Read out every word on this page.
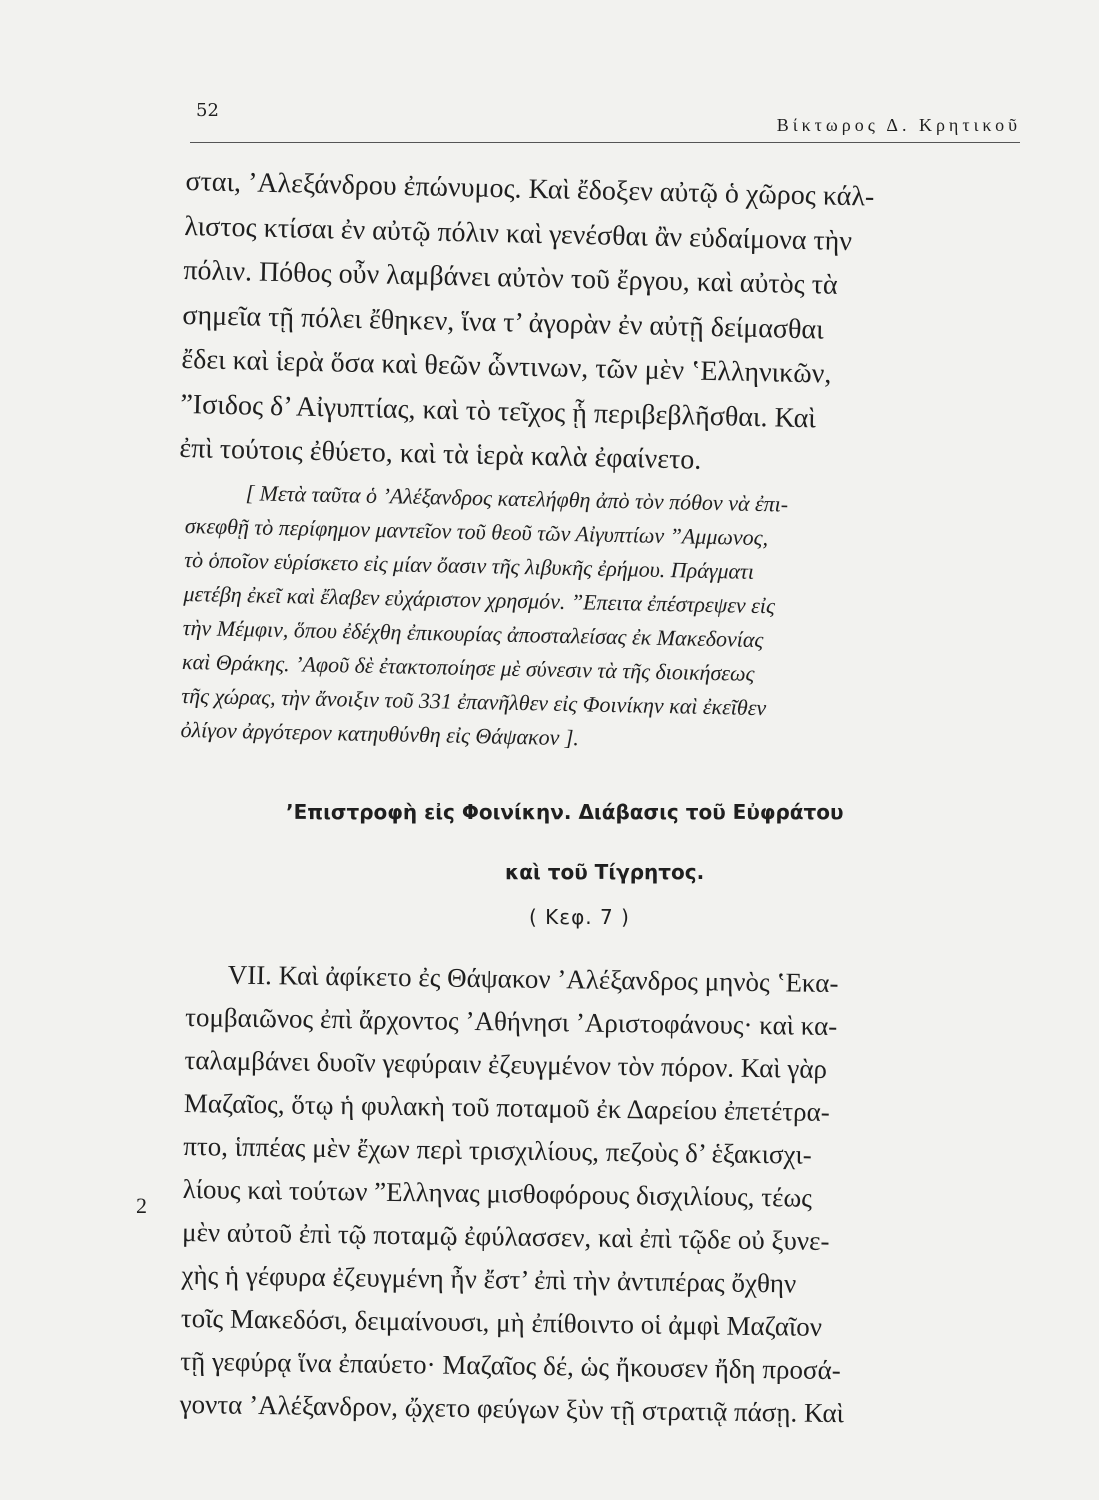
52
Βίκτωρος Δ. Κρητικοῦ

σται, ’Αλεξάνδρου ἐπώνυμος. Καὶ ἔδοξεν αὐτῷ ὁ χῶρος κάλ-
λιστος κτίσαι ἐν αὐτῷ πόλιν καὶ γενέσθαι ἂν εὐδαίμονα τὴν
πόλιν. Πόθος οὖν λαμβάνει αὐτὸν τοῦ ἔργου, καὶ αὐτὸς τὰ
σημεῖα τῇ πόλει ἔθηκεν, ἵνα τ’ ἀγορὰν ἐν αὐτῇ δείμασθαι
ἔδει καὶ ἱερὰ ὅσα καὶ θεῶν ὧντινων, τῶν μὲν ‛Ελληνικῶν,
”Ισιδος δ’ Αἰγυπτίας, καὶ τὸ τεῖχος ᾗ περιβεβλῆσθαι. Καὶ
ἐπὶ τούτοις ἐθύετο, καὶ τὰ ἱερὰ καλὰ ἐφαίνετο.

[ Μετὰ ταῦτα ὁ ’Αλέξανδρος κατελήφθη ἀπὸ τὸν πόθον νὰ ἐπι-
σκεφθῇ τὸ περίφημον μαντεῖον τοῦ θεοῦ τῶν Αἰγυπτίων ”Αμμωνος,
τὸ ὁποῖον εὑρίσκετο εἰς μίαν ὄασιν τῆς λιβυκῆς ἐρήμου. Πράγματι
μετέβη ἐκεῖ καὶ ἔλαβεν εὐχάριστον χρησμόν. ”Επειτα ἐπέστρεψεν εἰς
τὴν Μέμφιν, ὅπου ἐδέχθη ἐπικουρίας ἀποσταλείσας ἐκ Μακεδονίας
καὶ Θράκης. ’Αφοῦ δὲ ἐτακτοποίησε μὲ σύνεσιν τὰ τῆς διοικήσεως
τῆς χώρας, τὴν ἄνοιξιν τοῦ 331 ἐπανῆλθεν εἰς Φοινίκην καὶ ἐκεῖθεν
ὀλίγον ἀργότερον κατηυθύνθη εἰς Θάψακον ].

’Επιστροφὴ εἰς Φοινίκην. Διάβασις τοῦ Εὐφράτου
καὶ τοῦ Τίγρητος.
( Κεφ. 7 )

VII. Καὶ ἀφίκετο ἐς Θάψακον ’Αλέξανδρος μηνὸς ‛Εκα-
τομβαιῶνος ἐπὶ ἄρχοντος ’Αθήνησι ’Αριστοφάνους· καὶ κα-
ταλαμβάνει δυοῖν γεφύραιν ἐζευγμένον τὸν πόρον. Καὶ γὰρ
Μαζαῖος, ὅτῳ ἡ φυλακὴ τοῦ ποταμοῦ ἐκ Δαρείου ἐπετέτρα-
πτο, ἱππέας μὲν ἔχων περὶ τρισχιλίους, πεζοὺς δ’ ἑξακισχι-
λίους καὶ τούτων ”Ελληνας μισθοφόρους δισχιλίους, τέως
μὲν αὐτοῦ ἐπὶ τῷ ποταμῷ ἐφύλασσεν, καὶ ἐπὶ τῷδε οὐ ξυνε-
χὴς ἡ γέφυρα ἐζευγμένη ἦν ἔστ’ ἐπὶ τὴν ἀντιπέρας ὄχθην
τοῖς Μακεδόσι, δειμαίνουσι, μὴ ἐπίθοιντο οἱ ἀμφὶ Μαζαῖον
τῇ γεφύρᾳ ἵνα ἐπαύετο· Μαζαῖος δέ, ὡς ἤκουσεν ἤδη προσά-
γοντα ’Αλέξανδρον, ᾤχετο φεύγων ξὺν τῇ στρατιᾷ πάσῃ. Καὶ

2
